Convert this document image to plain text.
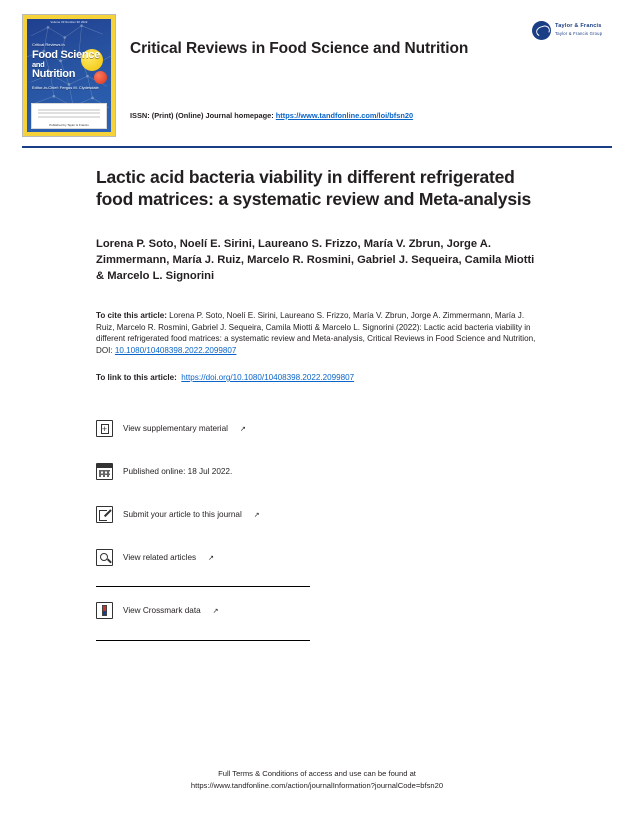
Volume 00 Number 00 2022
Critical Reviews in
Food Science
and
Nutrition
Editor-in-Chief: Fergus M. Clydesdale
Published by Taylor & Francis
Critical Reviews in Food Science and Nutrition
Taylor & Francis
Taylor & Francis Group
ISSN: (Print) (Online) Journal homepage: https://www.tandfonline.com/loi/bfsn20
Lactic acid bacteria viability in different refrigerated food matrices: a systematic review and Meta-analysis
Lorena P. Soto, Noelí E. Sirini, Laureano S. Frizzo, María V. Zbrun, Jorge A. Zimmermann, María J. Ruiz, Marcelo R. Rosmini, Gabriel J. Sequeira, Camila Miotti & Marcelo L. Signorini
To cite this article: Lorena P. Soto, Noelí E. Sirini, Laureano S. Frizzo, María V. Zbrun, Jorge A. Zimmermann, María J. Ruiz, Marcelo R. Rosmini, Gabriel J. Sequeira, Camila Miotti & Marcelo L. Signorini (2022): Lactic acid bacteria viability in different refrigerated food matrices: a systematic review and Meta-analysis, Critical Reviews in Food Science and Nutrition, DOI: 10.1080/10408398.2022.2099807
To link to this article: https://doi.org/10.1080/10408398.2022.2099807
+
View supplementary material ↗
Published online: 18 Jul 2022.
Submit your article to this journal ↗
View related articles ↗
View Crossmark data ↗
Full Terms & Conditions of access and use can be found at
https://www.tandfonline.com/action/journalInformation?journalCode=bfsn20
